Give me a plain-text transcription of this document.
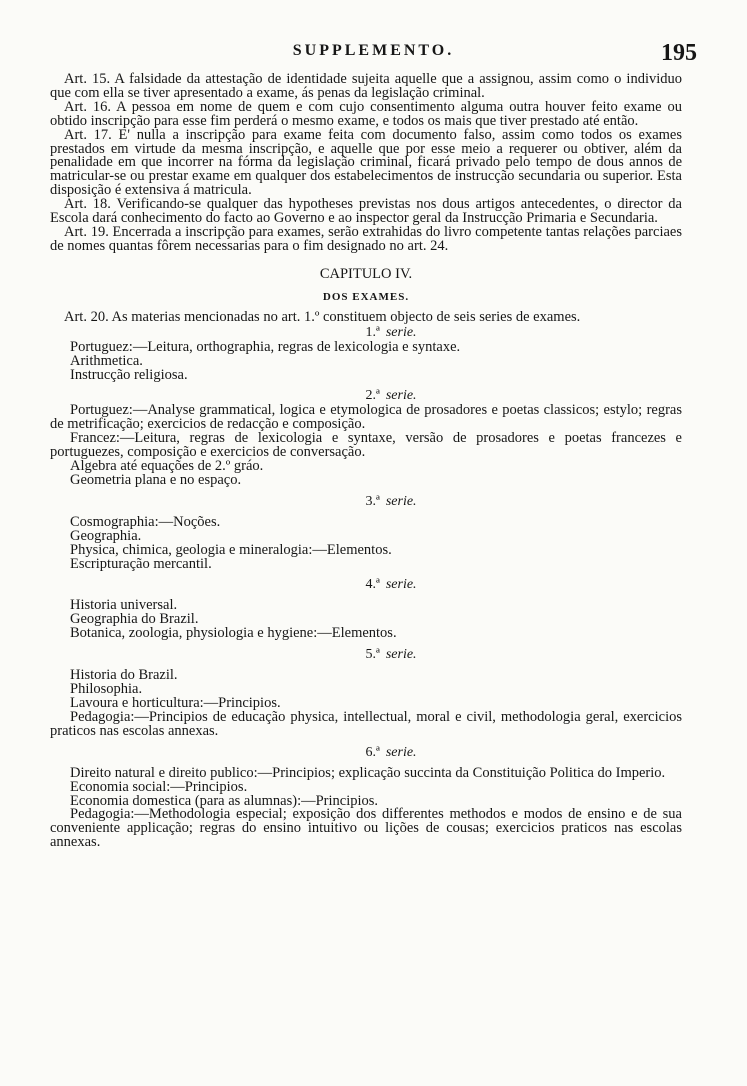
SUPPLEMENTO.	195

Art. 15. A falsidade da attestação de identidade sujeita aquelle que a assignou, assim como o individuo que com ella se tiver apresentado a exame, ás penas da legislação criminal.

Art. 16. A pessoa em nome de quem e com cujo consentimento alguma outra houver feito exame ou obtido inscripção para esse fim perderá o mesmo exame, e todos os mais que tiver prestado até então.

Art. 17. E' nulla a inscripção para exame feita com documento falso, assim como todos os exames prestados em virtude da mesma inscripção, e aquelle que por esse meio a requerer ou obtiver, além da penalidade em que incorrer na fórma da legislação criminal, ficará privado pelo tempo de dous annos de matricular-se ou prestar exame em qualquer dos estabelecimentos de instrucção secundaria ou superior. Esta disposição é extensiva á matricula.

Art. 18. Verificando-se qualquer das hypotheses previstas nos dous artigos antecedentes, o director da Escola dará conhecimento do facto ao Governo e ao inspector geral da Instrucção Primaria e Secundaria.

Art. 19. Encerrada a inscripção para exames, serão extrahidas do livro competente tantas relações parciaes de nomes quantas fôrem necessarias para o fim designado no art. 24.

CAPITULO IV.
DOS EXAMES.

Art. 20. As materias mencionadas no art. 1.º constituem objecto de seis series de exames.

1.ª serie.

Portuguez:—Leitura, orthographia, regras de lexicologia e syntaxe.

Arithmetica.

Instrucção religiosa.

2.ª serie.

Portuguez:—Analyse grammatical, logica e etymologica de prosadores e poetas classicos; estylo; regras de metrificação; exercicios de redacção e composição.

Francez:—Leitura, regras de lexicologia e syntaxe, versão de prosadores e poetas francezes e portuguezes, composição e exercicios de conversação.

Algebra até equações de 2.º gráo.

Geometria plana e no espaço.

3.ª serie.

Cosmographia:—Noções.

Geographia.

Physica, chimica, geologia e mineralogia:—Elementos.

Escripturação mercantil.

4.ª serie.

Historia universal.

Geographia do Brazil.

Botanica, zoologia, physiologia e hygiene:—Elementos.

5.ª serie.

Historia do Brazil.

Philosophia.

Lavoura e horticultura:—Principios.

Pedagogia:—Principios de educação physica, intellectual, moral e civil, methodologia geral, exercicios praticos nas escolas annexas.

6.ª serie.

Direito natural e direito publico:—Principios; explicação succinta da Constituição Politica do Imperio.

Economia social:—Principios.

Economia domestica (para as alumnas):—Principios.

Pedagogia:—Methodologia especial; exposição dos differentes methodos e modos de ensino e de sua conveniente applicação; regras do ensino intuitivo ou lições de cousas; exercicios praticos nas escolas annexas.
